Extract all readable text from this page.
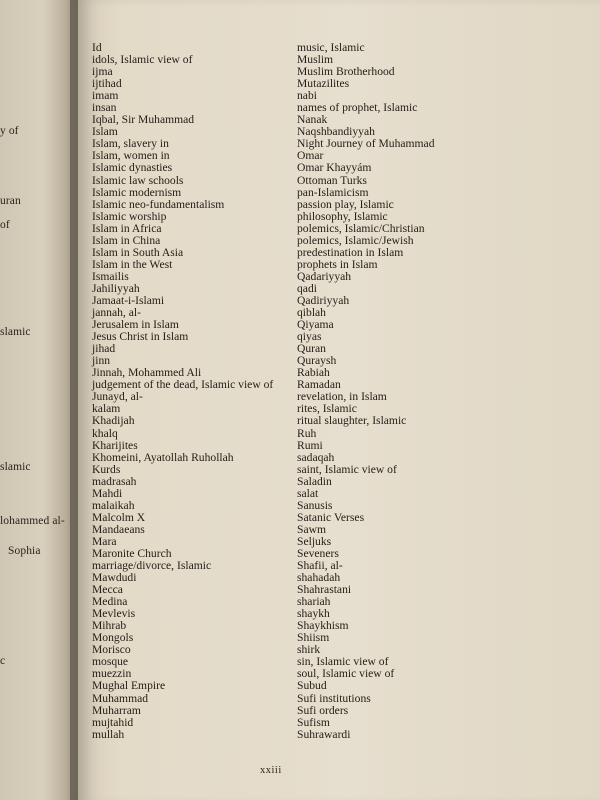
y of
uran
of
slamic
slamic
lohammed al-
Sophia
c
Id
idols, Islamic view of
ijma
ijtihad
imam
insan
Iqbal, Sir Muhammad
Islam
Islam, slavery in
Islam, women in
Islamic dynasties
Islamic law schools
Islamic modernism
Islamic neo-fundamentalism
Islamic worship
Islam in Africa
Islam in China
Islam in South Asia
Islam in the West
Ismailis
Jahiliyyah
Jamaat-i-Islami
jannah, al-
Jerusalem in Islam
Jesus Christ in Islam
jihad
jinn
Jinnah, Mohammed Ali
judgement of the dead, Islamic view of
Junayd, al-
kalam
Khadijah
khalq
Kharijites
Khomeini, Ayatollah Ruhollah
Kurds
madrasah
Mahdi
malaikah
Malcolm X
Mandaeans
Mara
Maronite Church
marriage/divorce, Islamic
Mawdudi
Mecca
Medina
Mevlevis
Mihrab
Mongols
Morisco
mosque
muezzin
Mughal Empire
Muhammad
Muharram
mujtahid
mullah
music, Islamic
Muslim
Muslim Brotherhood
Mutazilites
nabi
names of prophet, Islamic
Nanak
Naqshbandiyyah
Night Journey of Muhammad
Omar
Omar Khayyám
Ottoman Turks
pan-Islamicism
passion play, Islamic
philosophy, Islamic
polemics, Islamic/Christian
polemics, Islamic/Jewish
predestination in Islam
prophets in Islam
Qadariyyah
qadi
Qadiriyyah
qiblah
Qiyama
qiyas
Quran
Quraysh
Rabiah
Ramadan
revelation, in Islam
rites, Islamic
ritual slaughter, Islamic
Ruh
Rumi
sadaqah
saint, Islamic view of
Saladin
salat
Sanusis
Satanic Verses
Sawm
Seljuks
Seveners
Shafii, al-
shahadah
Shahrastani
shariah
shaykh
Shaykhism
Shiism
shirk
sin, Islamic view of
soul, Islamic view of
Subud
Sufi institutions
Sufi orders
Sufism
Suhrawardi
xxiii
